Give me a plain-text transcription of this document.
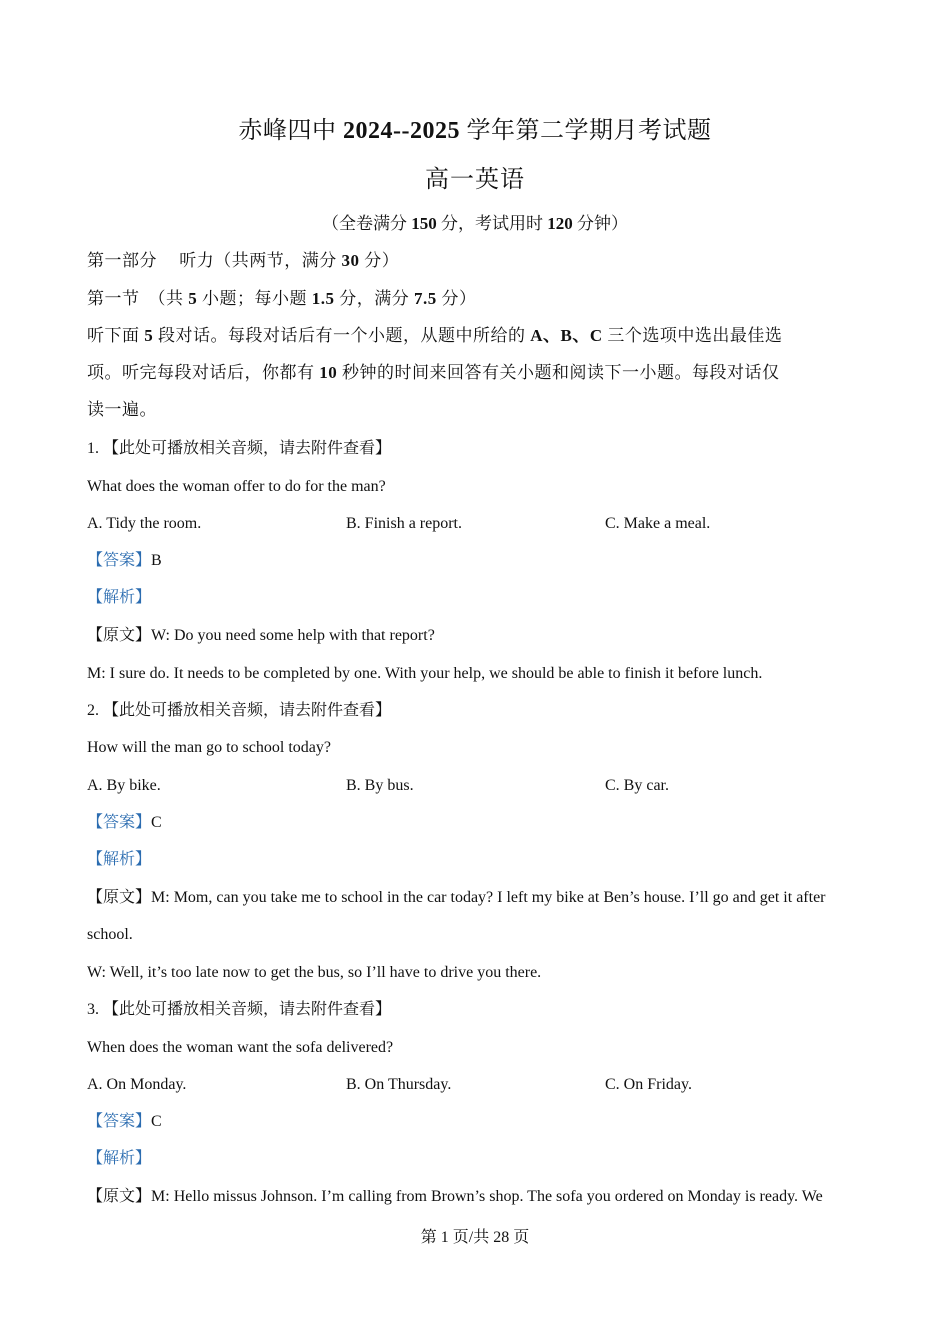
赤峰四中 2024--2025 学年第二学期月考试题
高一英语
（全卷满分 150 分，考试用时 120 分钟）
第一部分　 听力（共两节，满分 30 分）
第一节　（共 5 小题；每小题 1.5 分，满分 7.5 分）
听下面 5 段对话。每段对话后有一个小题，从题中所给的 A、B、C 三个选项中选出最佳选
项。听完每段对话后，你都有 10 秒钟的时间来回答有关小题和阅读下一小题。每段对话仅
读一遍。
1. 【此处可播放相关音频，请去附件查看】
What does the woman offer to do for the man?
A. Tidy the room.	B. Finish a report.	C. Make a meal.
【答案】B
【解析】
【原文】W: Do you need some help with that report?
M: I sure do. It needs to be completed by one. With your help, we should be able to finish it before lunch.
2. 【此处可播放相关音频，请去附件查看】
How will the man go to school today?
A. By bike.	B. By bus.	C. By car.
【答案】C
【解析】
【原文】M: Mom, can you take me to school in the car today? I left my bike at Ben’s house. I’ll go and get it after
school.
W: Well, it’s too late now to get the bus, so I’ll have to drive you there.
3. 【此处可播放相关音频，请去附件查看】
When does the woman want the sofa delivered?
A. On Monday.	B. On Thursday.	C. On Friday.
【答案】C
【解析】
【原文】M: Hello missus Johnson. I’m calling from Brown’s shop. The sofa you ordered on Monday is ready. We
第 1 页/共 28 页
